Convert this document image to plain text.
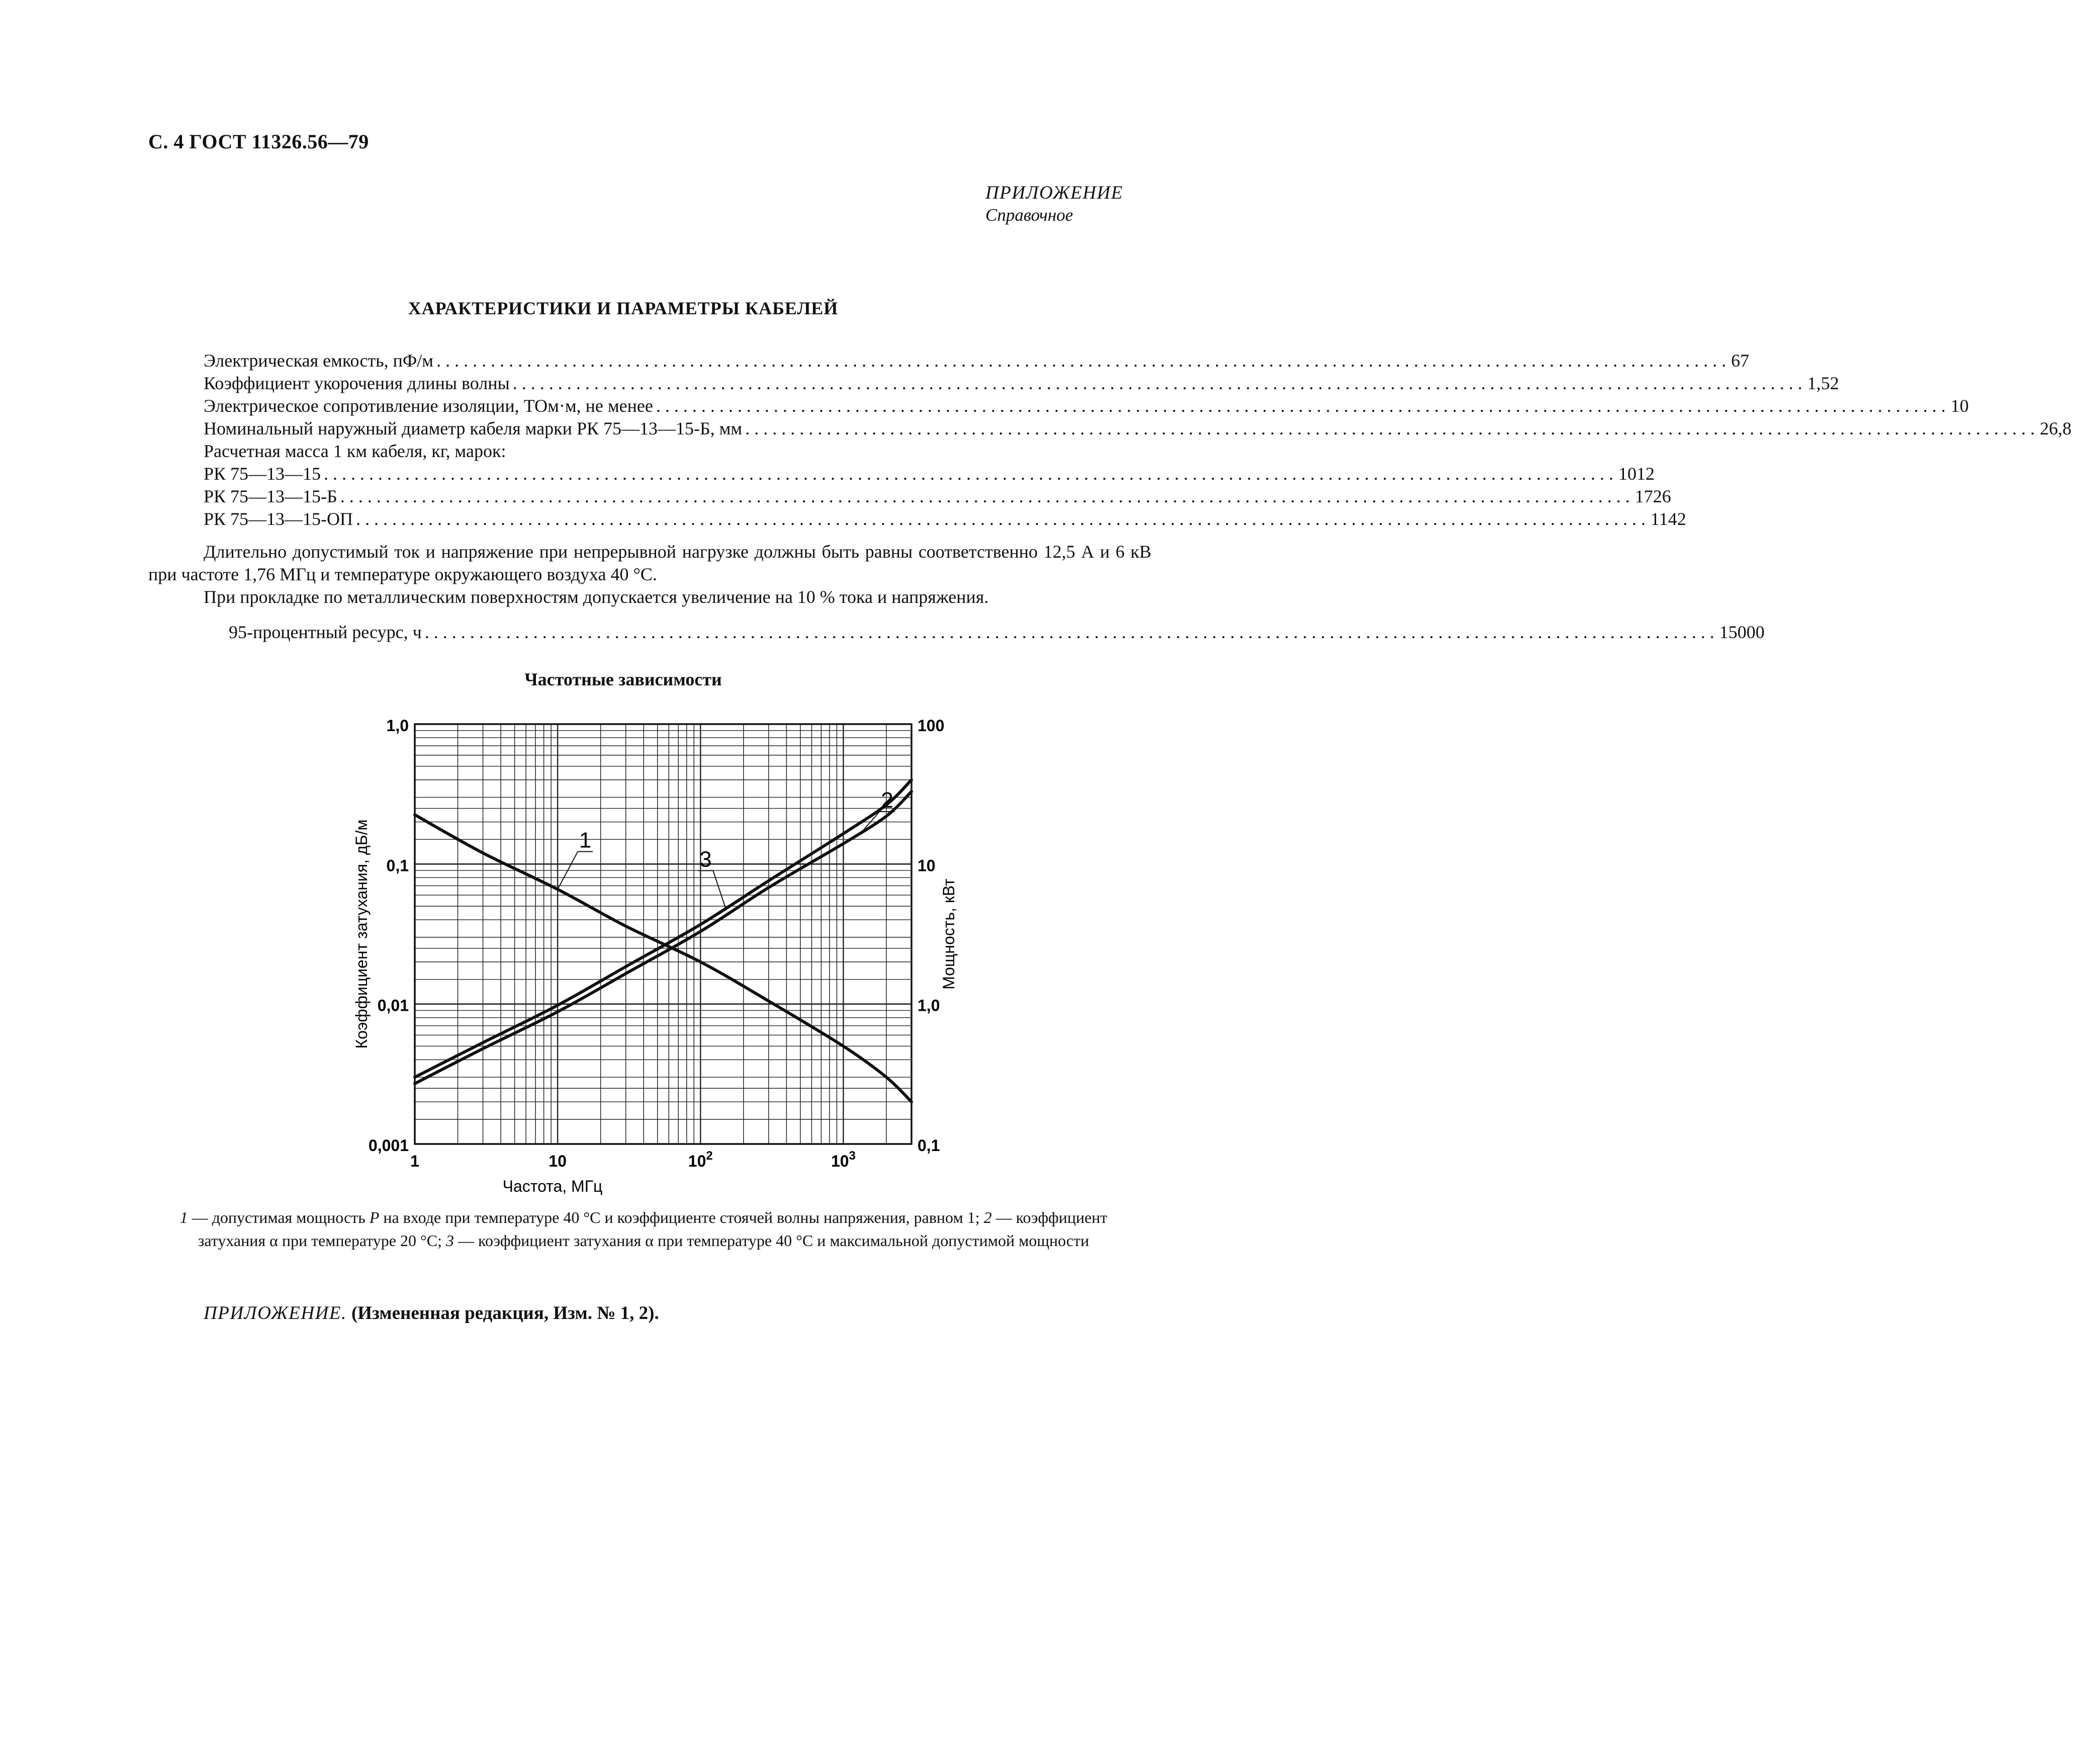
С. 4 ГОСТ 11326.56—79
ПРИЛОЖЕНИЕ
Справочное
ХАРАКТЕРИСТИКИ И ПАРАМЕТРЫ КАБЕЛЕЙ
Электрическая емкость, пФ/м . . .	67
Коэффициент укорочения длины волны . . .	1,52
Электрическое сопротивление изоляции, ТОм·м, не менее . . .	10
Номинальный наружный диаметр кабеля марки РК 75—13—15-Б, мм . . .	26,8
Расчетная масса 1 км кабеля, кг, марок:
РК 75—13—15 . . .	1012
РК 75—13—15-Б . . .	1726
РК 75—13—15-ОП . . .	1142
Длительно допустимый ток и напряжение при непрерывной нагрузке должны быть равны соответственно 12,5 А и 6 кВ при частоте 1,76 МГц и температуре окружающего воздуха 40 °С.
При прокладке по металлическим поверхностям допускается увеличение на 10 % тока и напряжения.
95-процентный ресурс, ч . . .	15000
Частотные зависимости
1
3
2
0,001
0,01
0,1
1,0
0,1
1,0
10
100
1	10	$10^2$	$10^3$
Коэффициент затухания, дБ/м	Мощность, кВт
Частота, МГц
1 — допустимая мощность P на входе при температуре 40 °С и коэффициенте стоячей волны напряжения, равном 1; 2 — коэффициент затухания α при температуре 20 °С; 3 — коэффициент затухания α при температуре 40 °С и максимальной допустимой мощности
ПРИЛОЖЕНИЕ. (Измененная редакция, Изм. № 1, 2).
